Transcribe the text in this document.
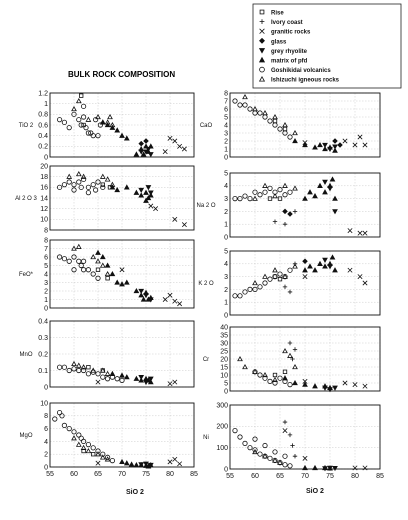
BULK ROCK COMPOSITION
Rise
Ivory coast
granitic rocks
glass
grey rhyolite
matrix of pfd
Goshikidai volcanics
Ishizuchi igneous rocks
0
0.2
0.4
0.6
0.8
1
1.2
TiO 2
8
10
12
14
16
18
20
Al 2 O 3
0
1
2
3
4
5
6
7
8
FeO*
0
0.1
0.2
0.3
0.4
MnO
0
2
4
6
8
10
MgO
55 60 65 70 75 80 85
0
1
2
3
4
5
6
7
8
CaO
0
1
2
3
4
5
Na 2 O
0
1
2
3
4
5
K 2 O
0
5
10
15
20
25
30
35
40
Cr
0
100
200
300
Ni
55 60 65 70 75 80 85
SiO 2	SiO 2
